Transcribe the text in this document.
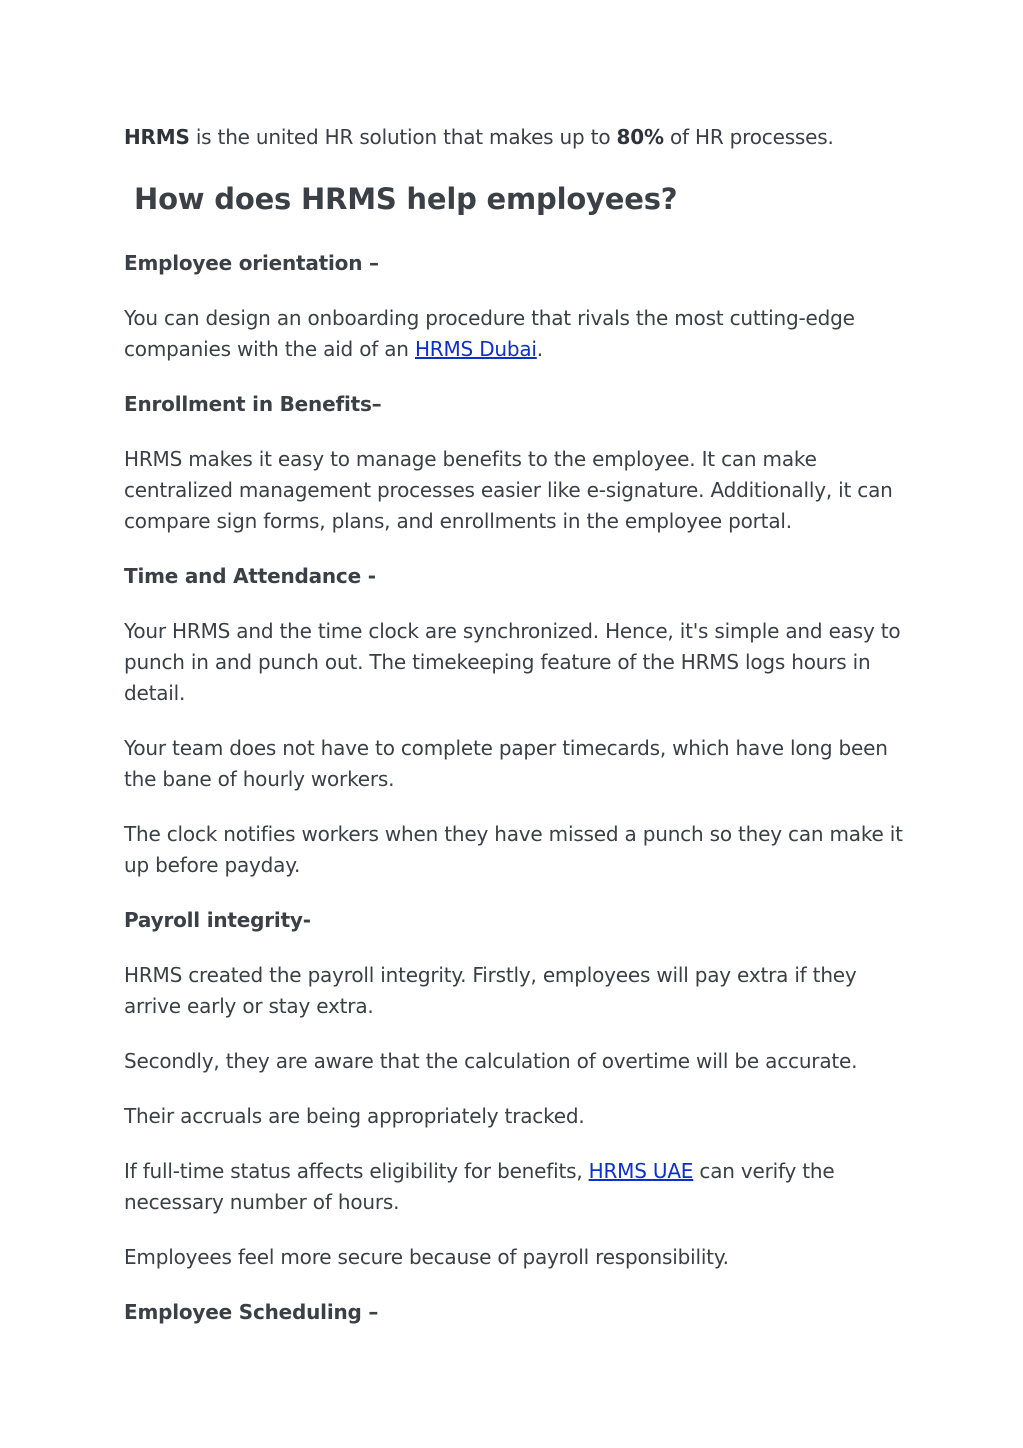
HRMS is the united HR solution that makes up to 80% of HR processes.

How does HRMS help employees?

Employee orientation –

You can design an onboarding procedure that rivals the most cutting-edge companies with the aid of an HRMS Dubai.

Enrollment in Benefits–

HRMS makes it easy to manage benefits to the employee. It can make centralized management processes easier like e-signature. Additionally, it can compare sign forms, plans, and enrollments in the employee portal.

Time and Attendance -

Your HRMS and the time clock are synchronized. Hence, it's simple and easy to punch in and punch out. The timekeeping feature of the HRMS logs hours in detail.

Your team does not have to complete paper timecards, which have long been the bane of hourly workers.

The clock notifies workers when they have missed a punch so they can make it up before payday.

Payroll integrity-

HRMS created the payroll integrity. Firstly, employees will pay extra if they arrive early or stay extra.

Secondly, they are aware that the calculation of overtime will be accurate.

Their accruals are being appropriately tracked.

If full-time status affects eligibility for benefits, HRMS UAE can verify the necessary number of hours.

Employees feel more secure because of payroll responsibility.

Employee Scheduling –
